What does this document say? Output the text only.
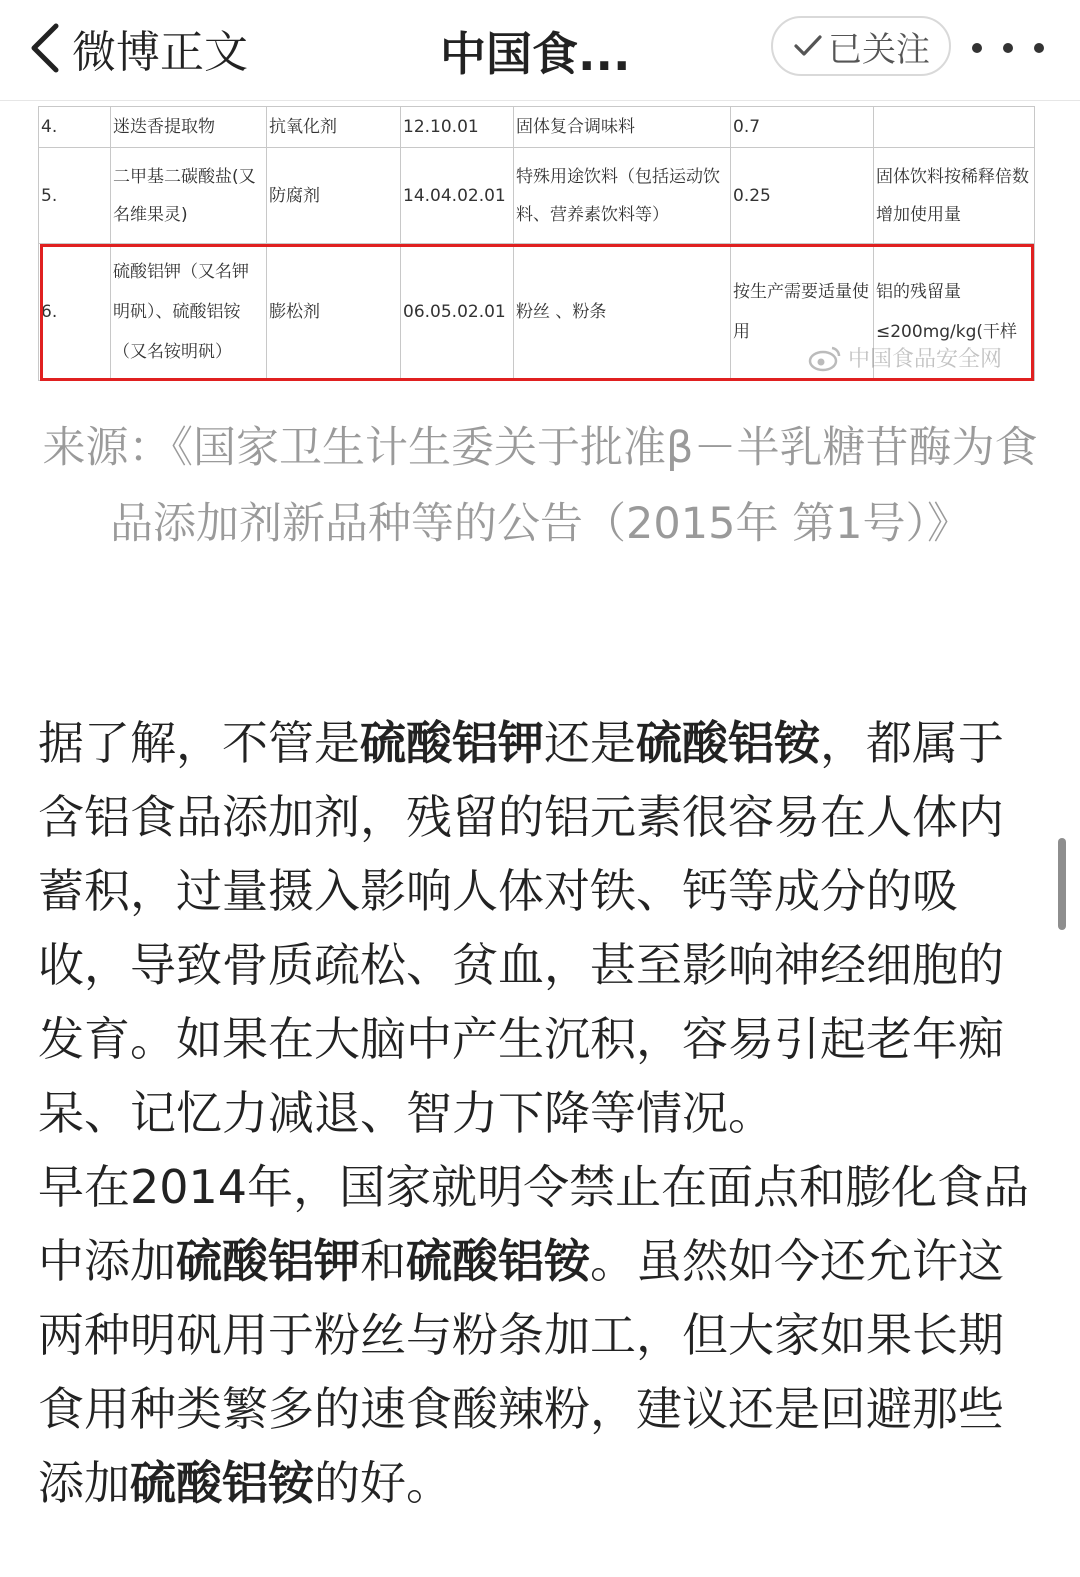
微博正文	中国食...	已关注
4.	迷迭香提取物	抗氧化剂	12.10.01	固体复合调味料	0.7	
5.	二甲基二碳酸盐(又名维果灵)	防腐剂	14.04.02.01	特殊用途饮料（包括运动饮料、营养素饮料等）	0.25	固体饮料按稀释倍数增加使用量
6.	硫酸铝钾（又名钾明矾）、硫酸铝铵（又名铵明矾）	膨松剂	06.05.02.01	粉丝 、粉条	按生产需要适量使用	铝的残留量≤200mg/kg(干样
中国食品安全网
来源：《国家卫生计生委关于批准β－半乳糖苷酶为食品添加剂新品种等的公告（2015年 第1号）》

据了解，不管是硫酸铝钾还是硫酸铝铵，都属于含铝食品添加剂，残留的铝元素很容易在人体内蓄积，过量摄入影响人体对铁、钙等成分的吸收，导致骨质疏松、贫血，甚至影响神经细胞的发育。如果在大脑中产生沉积，容易引起老年痴呆、记忆力减退、智力下降等情况。

早在2014年，国家就明令禁止在面点和膨化食品中添加硫酸铝钾和硫酸铝铵。虽然如今还允许这两种明矾用于粉丝与粉条加工，但大家如果长期食用种类繁多的速食酸辣粉，建议还是回避那些添加硫酸铝铵的好。
